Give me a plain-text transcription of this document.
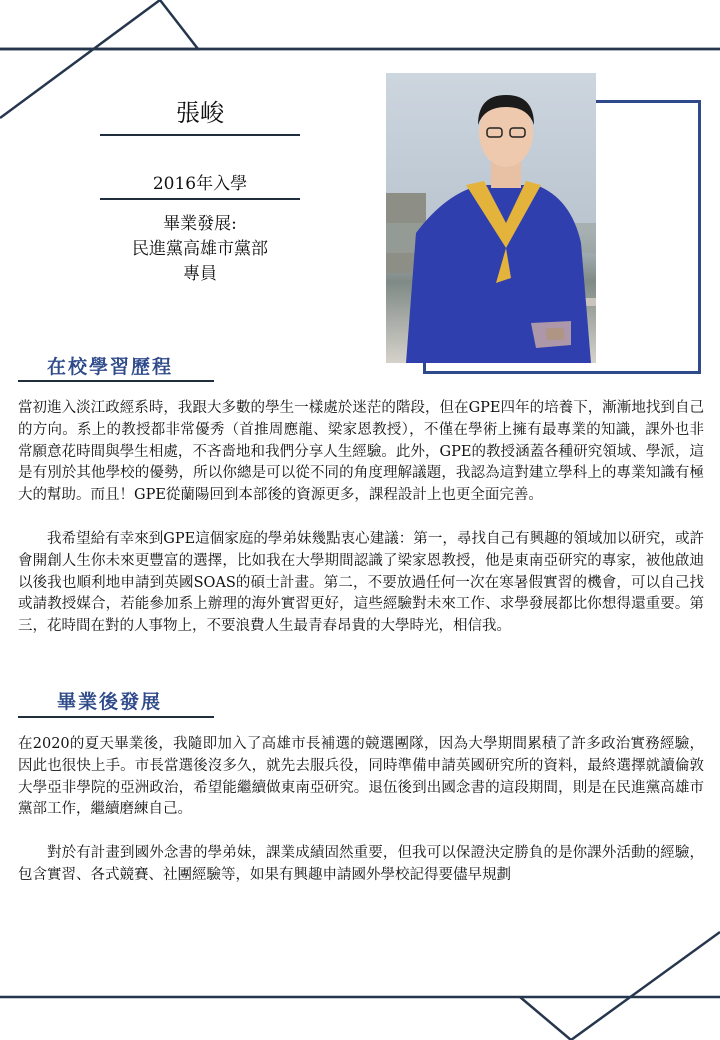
張峻
2016年入學
畢業發展:
民進黨高雄市黨部
專員
在校學習歷程

當初進入淡江政經系時，我跟大多數的學生一樣處於迷茫的階段，但在GPE四年的培養下，漸漸地找到自己的方向。系上的教授都非常優秀（首推周應龍、梁家恩教授），不僅在學術上擁有最專業的知識，課外也非常願意花時間與學生相處，不吝嗇地和我們分享人生經驗。此外，GPE的教授涵蓋各種研究領域、學派，這是有別於其他學校的優勢，所以你總是可以從不同的角度理解議題，我認為這對建立學科上的專業知識有極大的幫助。而且！GPE從蘭陽回到本部後的資源更多，課程設計上也更全面完善。

我希望給有幸來到GPE這個家庭的學弟妹幾點衷心建議：第一，尋找自己有興趣的領域加以研究，或許會開創人生你未來更豐富的選擇，比如我在大學期間認識了梁家恩教授，他是東南亞研究的專家，被他啟迪以後我也順利地申請到英國SOAS的碩士計畫。第二，不要放過任何一次在寒暑假實習的機會，可以自己找或請教授媒合，若能參加系上辦理的海外實習更好，這些經驗對未來工作、求學發展都比你想得還重要。第三，花時間在對的人事物上，不要浪費人生最青春昂貴的大學時光，相信我。

畢業後發展

在2020的夏天畢業後，我隨即加入了高雄市長補選的競選團隊，因為大學期間累積了許多政治實務經驗，因此也很快上手。市長當選後沒多久，就先去服兵役，同時準備申請英國研究所的資料，最終選擇就讀倫敦大學亞非學院的亞洲政治，希望能繼續做東南亞研究。退伍後到出國念書的這段期間，則是在民進黨高雄市黨部工作，繼續磨練自己。

對於有計畫到國外念書的學弟妹，課業成績固然重要，但我可以保證決定勝負的是你課外活動的經驗，包含實習、各式競賽、社團經驗等，如果有興趣申請國外學校記得要儘早規劃
